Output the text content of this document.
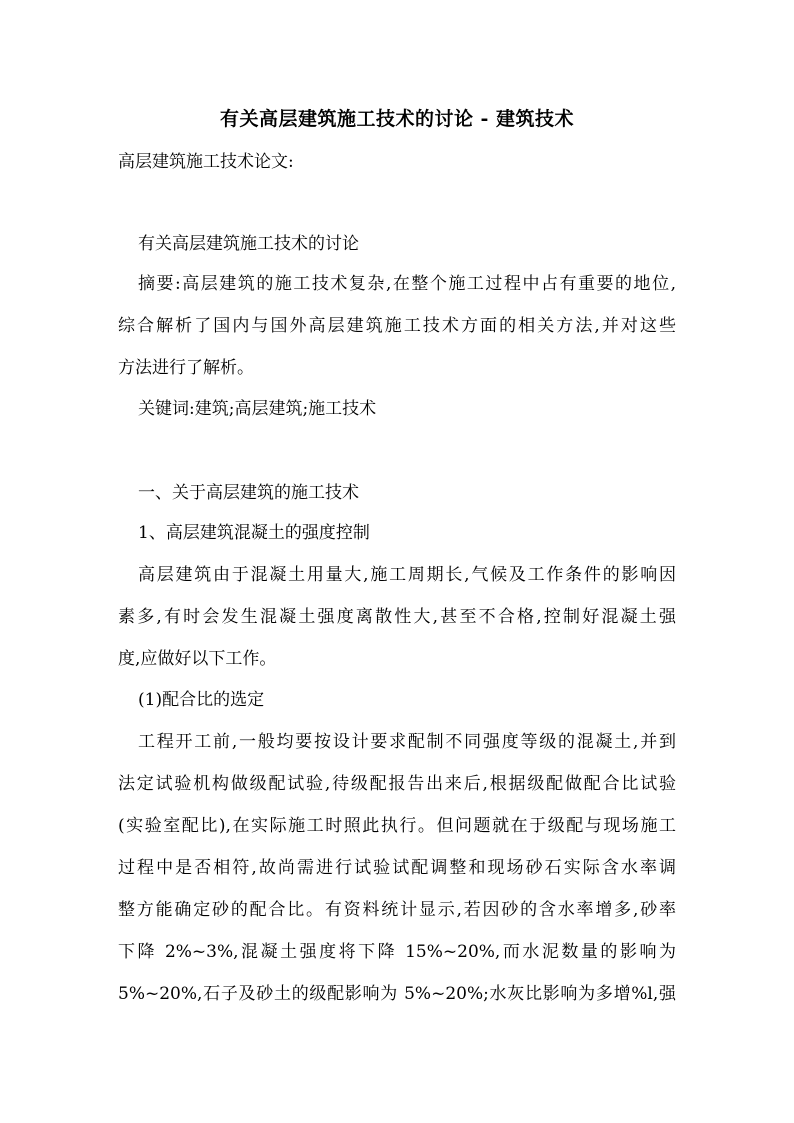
有关高层建筑施工技术的讨论 - 建筑技术
高层建筑施工技术论文:
有关高层建筑施工技术的讨论
摘要:高层建筑的施工技术复杂,在整个施工过程中占有重要的地位,
综合解析了国内与国外高层建筑施工技术方面的相关方法,并对这些
方法进行了解析。
关键词:建筑;高层建筑;施工技术
一、关于高层建筑的施工技术
1、高层建筑混凝土的强度控制
高层建筑由于混凝土用量大,施工周期长,气候及工作条件的影响因
素多,有时会发生混凝土强度离散性大,甚至不合格,控制好混凝土强
度,应做好以下工作。
(1)配合比的选定
工程开工前,一般均要按设计要求配制不同强度等级的混凝土,并到
法定试验机构做级配试验,待级配报告出来后,根据级配做配合比试验
(实验室配比),在实际施工时照此执行。但问题就在于级配与现场施工
过程中是否相符,故尚需进行试验试配调整和现场砂石实际含水率调
整方能确定砂的配合比。有资料统计显示,若因砂的含水率增多,砂率
下降 2%~3%,混凝土强度将下降 15%~20%,而水泥数量的影响为
5%~20%,石子及砂土的级配影响为 5%~20%;水灰比影响为多增%l,强
